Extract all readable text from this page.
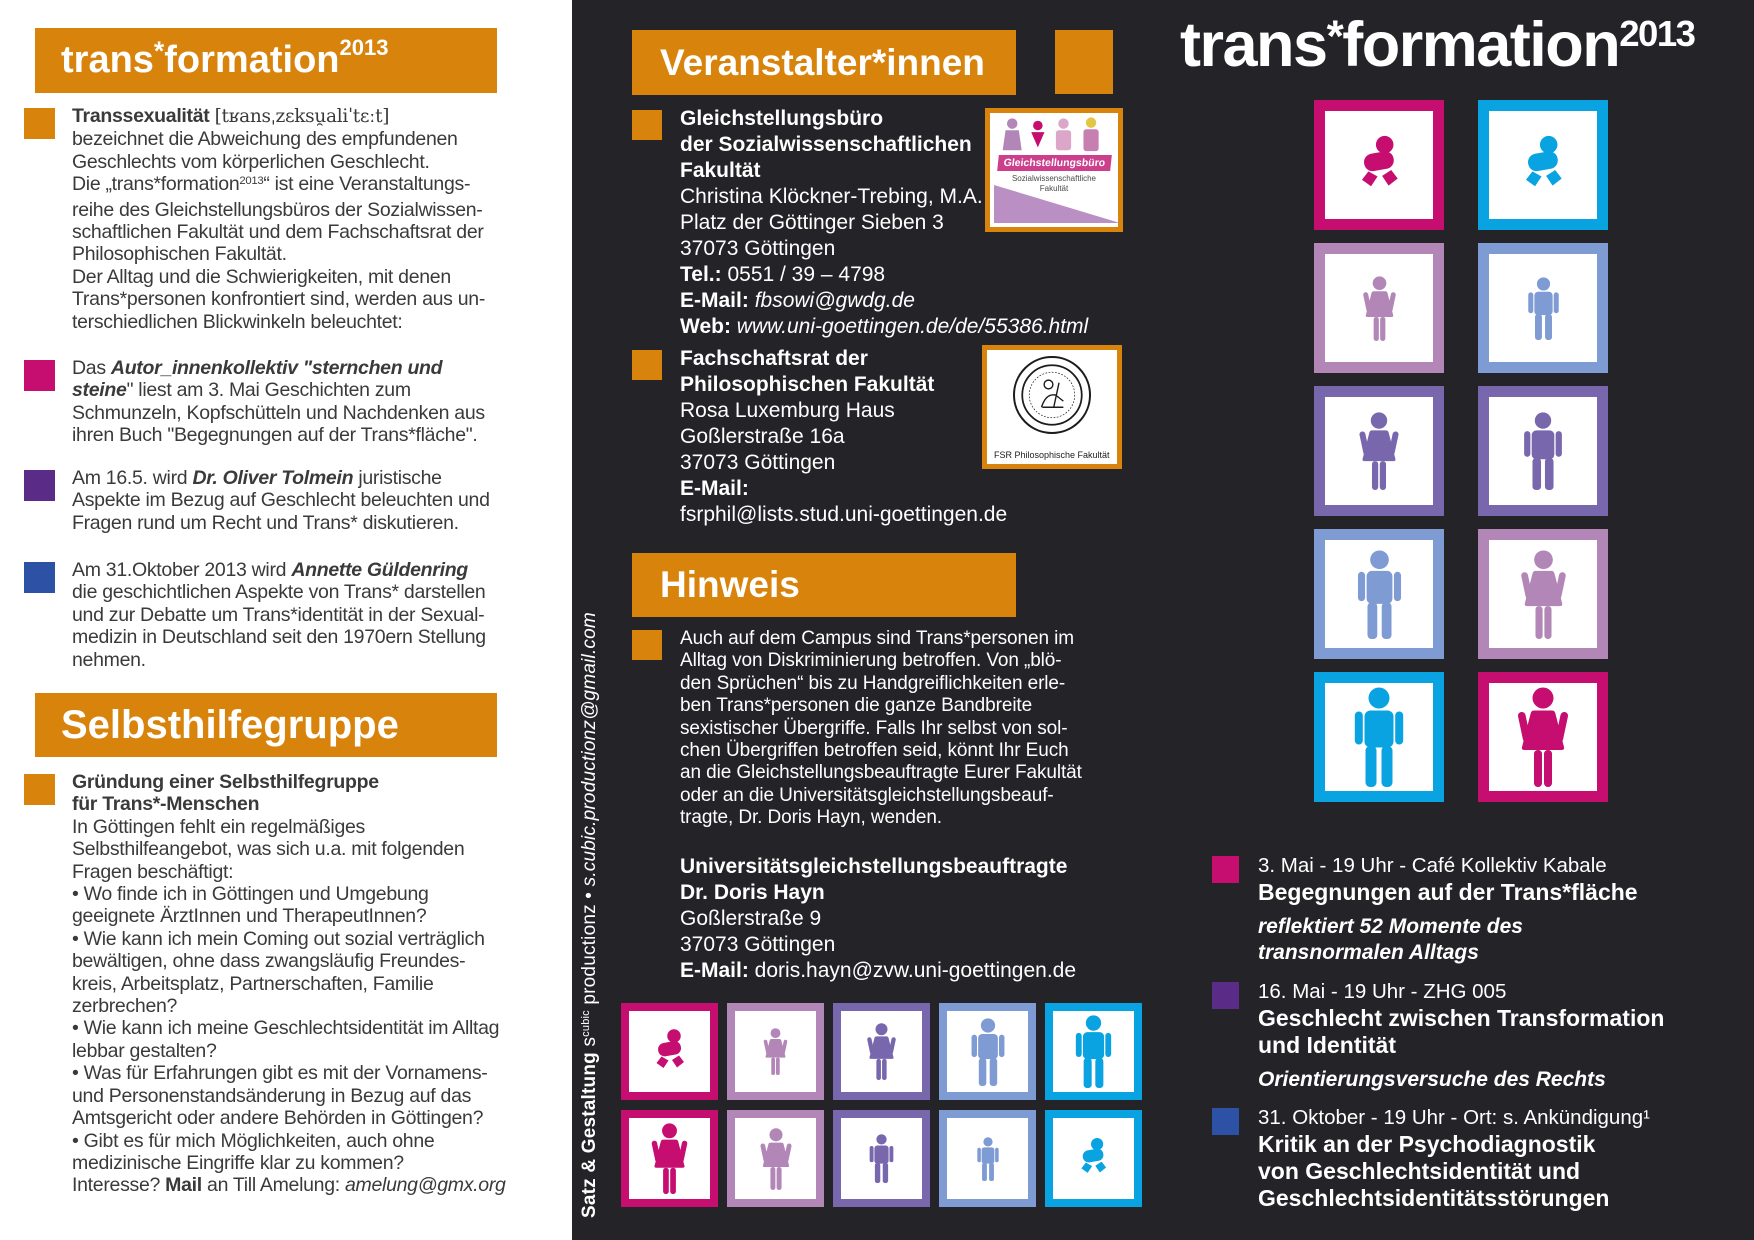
trans * formation 2013
Transsexualität [tʁansˌzɛksu̯aliˈtɛːt]
bezeichnet die Abweichung des empfundenen
Geschlechts vom körperlichen Geschlecht.
Die „trans*formation$^{2013}$“ ist eine Veranstaltungs-
reihe des Gleichstellungsbüros der Sozialwissen-
schaftlichen Fakultät und dem Fachschaftsrat der
Philosophischen Fakultät.
Der Alltag und die Schwierigkeiten, mit denen
Trans*personen konfrontiert sind, werden aus un-
terschiedlichen Blickwinkeln beleuchtet:
Das Autor_innenkollektiv "sternchen und
steine" liest am 3. Mai Geschichten zum
Schmunzeln, Kopfschütteln und Nachdenken aus
ihren Buch "Begegnungen auf der Trans*fläche".
Am 16.5. wird Dr. Oliver Tolmein juristische
Aspekte im Bezug auf Geschlecht beleuchten und
Fragen rund um Recht und Trans* diskutieren.
Am 31.Oktober 2013 wird Annette Güldenring
die geschichtlichen Aspekte von Trans* darstellen
und zur Debatte um Trans*identität in der Sexual-
medizin in Deutschland seit den 1970ern Stellung
nehmen.
Selbsthilfegruppe
Gründung einer Selbsthilfegruppe
für Trans*-Menschen
In Göttingen fehlt ein regelmäßiges
Selbsthilfeangebot, was sich u.a. mit folgenden
Fragen beschäftigt:
• Wo finde ich in Göttingen und Umgebung
geeignete ÄrztInnen und TherapeutInnen?
• Wie kann ich mein Coming out sozial verträglich
bewältigen, ohne dass zwangsläufig Freundes-
kreis, Arbeitsplatz, Partnerschaften, Familie
zerbrechen?
• Wie kann ich meine Geschlechtsidentität im Alltag
lebbar gestalten?
• Was für Erfahrungen gibt es mit der Vornamens-
und Personenstandsänderung in Bezug auf das
Amtsgericht oder andere Behörden in Göttingen?
• Gibt es für mich Möglichkeiten, auch ohne
medizinische Eingriffe klar zu kommen?
Interesse? Mail an Till Amelung: amelung@gmx.org
Veranstalter*innen
Gleichstellungsbüro
der Sozialwissenschaftlichen
Fakultät
Christina Klöckner-Trebing, M.A.
Platz der Göttinger Sieben 3
37073 Göttingen
Tel.: 0551 / 39 – 4798
E-Mail: fbsowi@gwdg.de
Web: www.uni-goettingen.de/de/55386.html
Fachschaftsrat der
Philosophischen Fakultät
Rosa Luxemburg Haus
Goßlerstraße 16a
37073 Göttingen
E-Mail:
fsrphil@lists.stud.uni-goettingen.de
Hinweis
Auch auf dem Campus sind Trans*personen im
Alltag von Diskriminierung betroffen. Von „blö-
den Sprüchen“ bis zu Handgreiflichkeiten erle-
ben Trans*personen die ganze Bandbreite
sexistischer Übergriffe. Falls Ihr selbst von sol-
chen Übergriffen betroffen seid, könnt Ihr Euch
an die Gleichstellungsbeauftragte Eurer Fakultät
oder an die Universitätsgleichstellungsbeauf-
tragte, Dr. Doris Hayn, wenden.
Universitätsgleichstellungsbeauftragte
Dr. Doris Hayn
Goßlerstraße 9
37073 Göttingen
E-Mail: doris.hayn@zvw.uni-goettingen.de
Gleichstellungsbüro
Sozialwissenschaftliche
Fakultät
FSR Philosophische Fakultät
Satz & Gestaltung $s^{cubic}$ productionz • s.cubic.productionz@gmail.com
trans*formation$^{2013}$
3. Mai - 19 Uhr - Café Kollektiv Kabale
Begegnungen auf der Trans*fläche
reflektiert 52 Momente des
transnormalen Alltags
16. Mai - 19 Uhr - ZHG 005
Geschlecht zwischen Transformation
und Identität
Orientierungsversuche des Rechts
31. Oktober - 19 Uhr - Ort: s. Ankündigung¹
Kritik an der Psychodiagnostik
von Geschlechtsidentität und
Geschlechtsidentitätsstörungen
